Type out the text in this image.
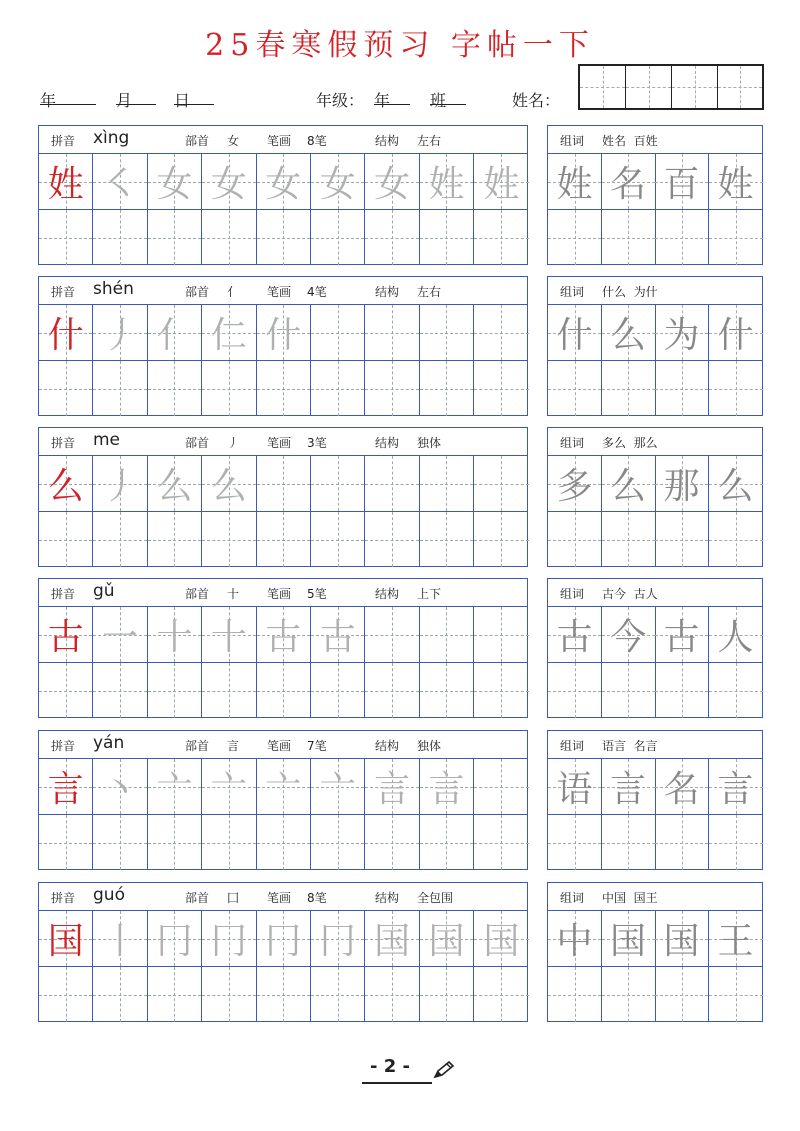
25春寒假预习 字帖一下
年	月	日	年级： 年 班	姓名：
拼音 xìng	部首 女 笔画 8笔	结构 左右
姓 ㇛ 女 女 女 女 女 姓 姓
组词 姓名  百姓
姓 名 百 姓
拼音 shén	部首 亻 笔画 4笔	结构 左右
什 丿 亻 仁 什
组词 什么  为什
什 么 为 什
拼音 me	部首 丿 笔画 3笔	结构 独体
么 丿 么 么
组词 多么  那么
多 么 那 么
拼音 gǔ	部首 十 笔画 5笔	结构 上下
古 一 十 十 古 古
组词 古今  古人
古 今 古 人
拼音 yán	部首 言 笔画 7笔	结构 独体
言 丶 亠 亠 亠 亠 言 言
组词 语言  名言
语 言 名 言
拼音 guó	部首 囗 笔画 8笔	结构 全包围
国 丨 冂 冂 冂 冂 国 国 国
组词 中国  国王
中 国 国 王
- 2 -
